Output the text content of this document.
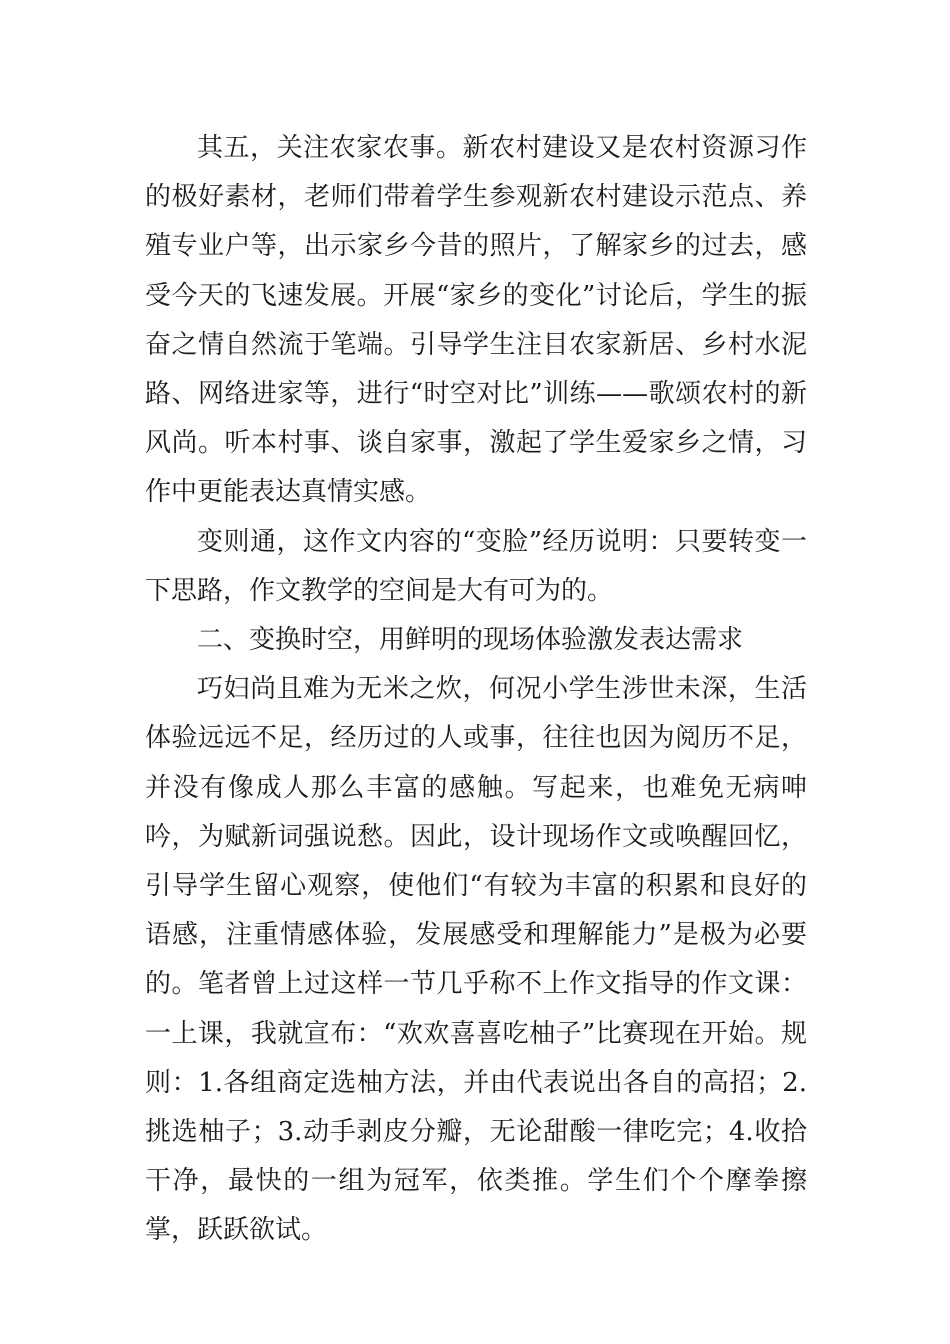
其五，关注农家农事。新农村建设又是农村资源习作的极好素材，老师们带着学生参观新农村建设示范点、养殖专业户等，出示家乡今昔的照片，了解家乡的过去，感受今天的飞速发展。开展“家乡的变化”讨论后，学生的振奋之情自然流于笔端。引导学生注目农家新居、乡村水泥路、网络进家等，进行“时空对比”训练——歌颂农村的新风尚。听本村事、谈自家事，激起了学生爱家乡之情，习作中更能表达真情实感。

变则通，这作文内容的“变脸”经历说明：只要转变一下思路，作文教学的空间是大有可为的。

二、变换时空，用鲜明的现场体验激发表达需求

巧妇尚且难为无米之炊，何况小学生涉世未深，生活体验远远不足，经历过的人或事，往往也因为阅历不足，并没有像成人那么丰富的感触。写起来，也难免无病呻吟，为赋新词强说愁。因此，设计现场作文或唤醒回忆，引导学生留心观察，使他们“有较为丰富的积累和良好的语感，注重情感体验，发展感受和理解能力”是极为必要的。笔者曾上过这样一节几乎称不上作文指导的作文课：一上课，我就宣布：“欢欢喜喜吃柚子”比赛现在开始。规则：1.各组商定选柚方法，并由代表说出各自的高招；2.挑选柚子；3.动手剥皮分瓣，无论甜酸一律吃完；4.收拾干净，最快的一组为冠军，依类推。学生们个个摩拳擦掌，跃跃欲试。
